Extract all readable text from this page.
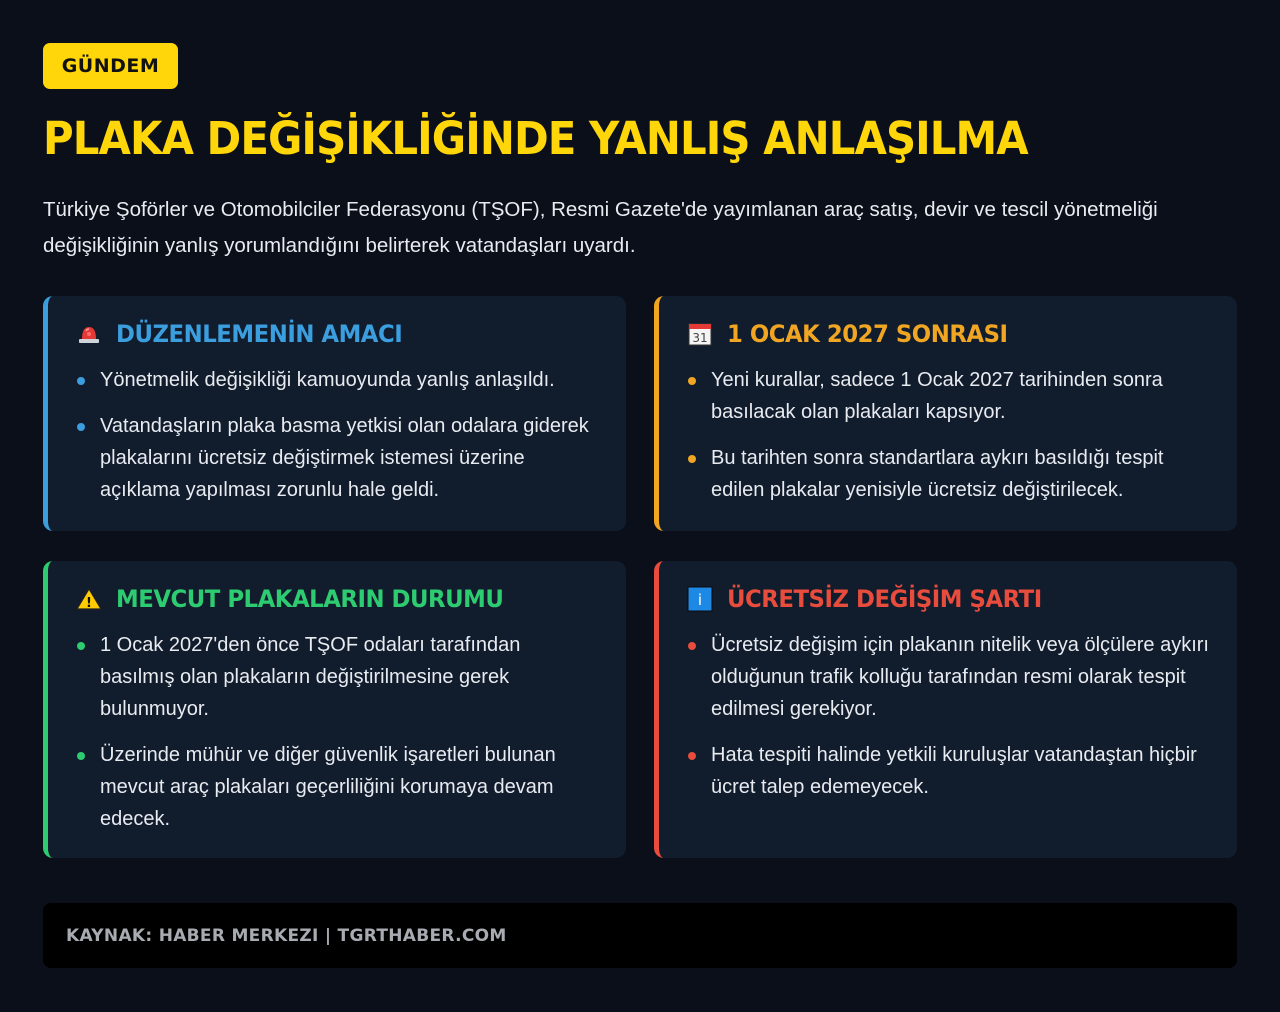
GÜNDEM
PLAKA DEĞİŞİKLİĞİNDE YANLIŞ ANLAŞILMA

Türkiye Şoförler ve Otomobilciler Federasyonu (TŞOF), Resmi Gazete'de yayımlanan araç satış, devir ve tescil yönetmeliği değişikliğinin yanlış yorumlandığını belirterek vatandaşları uyardı.

DÜZENLEMENİN AMACI
Yönetmelik değişikliği kamuoyunda yanlış anlaşıldı.
Vatandaşların plaka basma yetkisi olan odalara giderek plakalarını ücretsiz değiştirmek istemesi üzerine açıklama yapılması zorunlu hale geldi.
31 1 OCAK 2027 SONRASI
Yeni kurallar, sadece 1 Ocak 2027 tarihinden sonra basılacak olan plakaları kapsıyor.
Bu tarihten sonra standartlara aykırı basıldığı tespit edilen plakalar yenisiyle ücretsiz değiştirilecek.
! MEVCUT PLAKALARIN DURUMU
1 Ocak 2027'den önce TŞOF odaları tarafından basılmış olan plakaların değiştirilmesine gerek bulunmuyor.
Üzerinde mühür ve diğer güvenlik işaretleri bulunan mevcut araç plakaları geçerliliğini korumaya devam edecek.
i ÜCRETSİZ DEĞİŞİM ŞARTI
Ücretsiz değişim için plakanın nitelik veya ölçülere aykırı olduğunun trafik kolluğu tarafından resmi olarak tespit edilmesi gerekiyor.
Hata tespiti halinde yetkili kuruluşlar vatandaştan hiçbir ücret talep edemeyecek.
KAYNAK: HABER MERKEZI | TGRTHABER.COM
